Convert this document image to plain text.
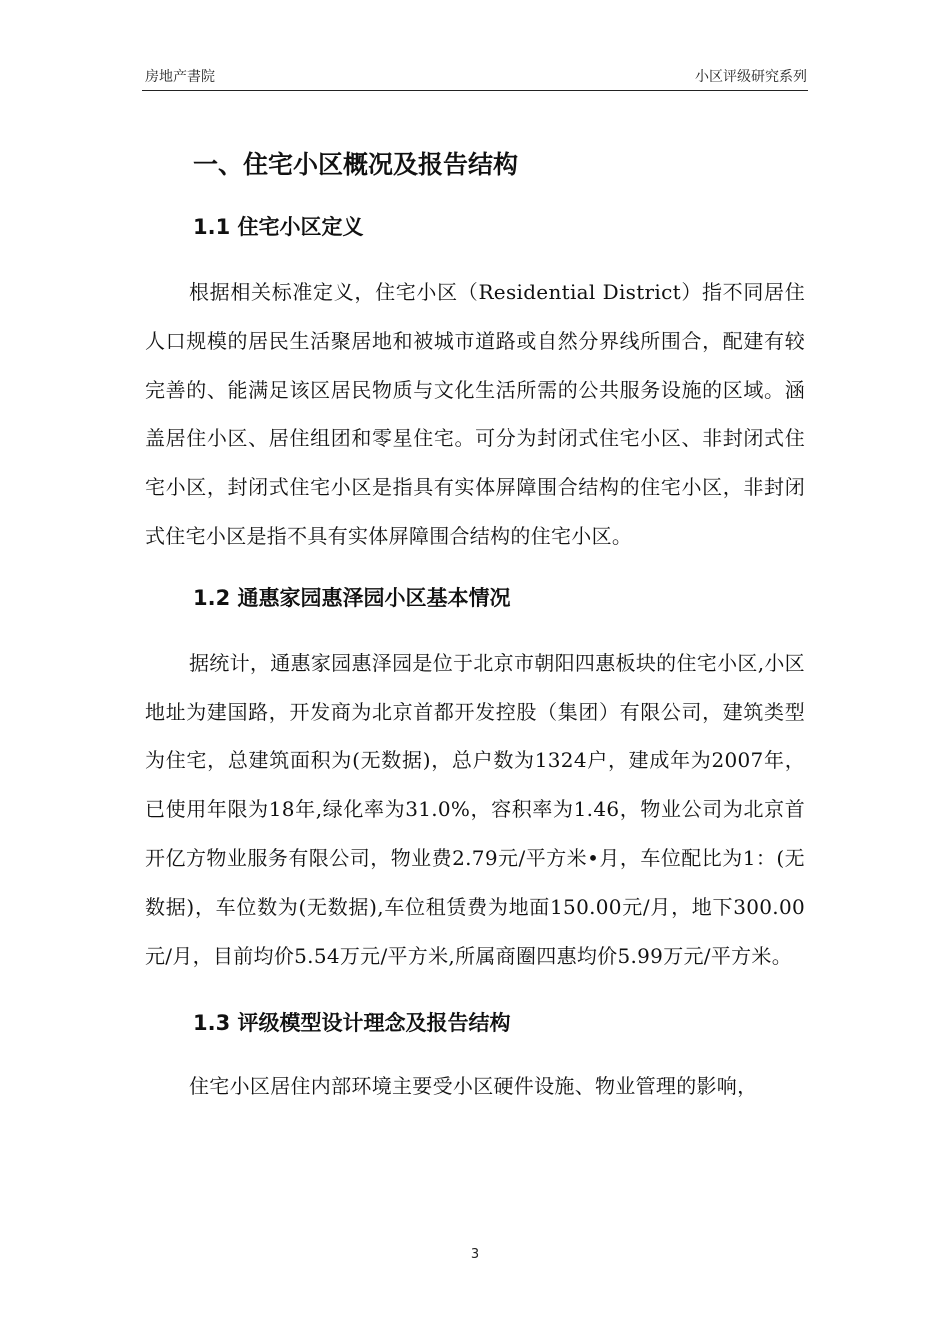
房地产書院	小区评级研究系列
一、住宅小区概况及报告结构
1.1 住宅小区定义

根据相关标准定义，住宅小区（Residential District）指不同居住人口规模的居民生活聚居地和被城市道路或自然分界线所围合，配建有较完善的、能满足该区居民物质与文化生活所需的公共服务设施的区域。涵盖居住小区、居住组团和零星住宅。可分为封闭式住宅小区、非封闭式住宅小区，封闭式住宅小区是指具有实体屏障围合结构的住宅小区，非封闭式住宅小区是指不具有实体屏障围合结构的住宅小区。

1.2 通惠家园惠泽园小区基本情况

据统计，通惠家园惠泽园是位于北京市朝阳四惠板块的住宅小区,小区地址为建国路，开发商为北京首都开发控股（集团）有限公司，建筑类型为住宅，总建筑面积为(无数据)，总户数为1324户，建成年为2007年，已使用年限为18年,绿化率为31.0%，容积率为1.46，物业公司为北京首开亿方物业服务有限公司，物业费2.79元/平方米•月，车位配比为1：(无数据)，车位数为(无数据),车位租赁费为地面150.00元/月，地下300.00元/月，目前均价5.54万元/平方米,所属商圈四惠均价5.99万元/平方米。

1.3 评级模型设计理念及报告结构

住宅小区居住内部环境主要受小区硬件设施、物业管理的影响，

3
